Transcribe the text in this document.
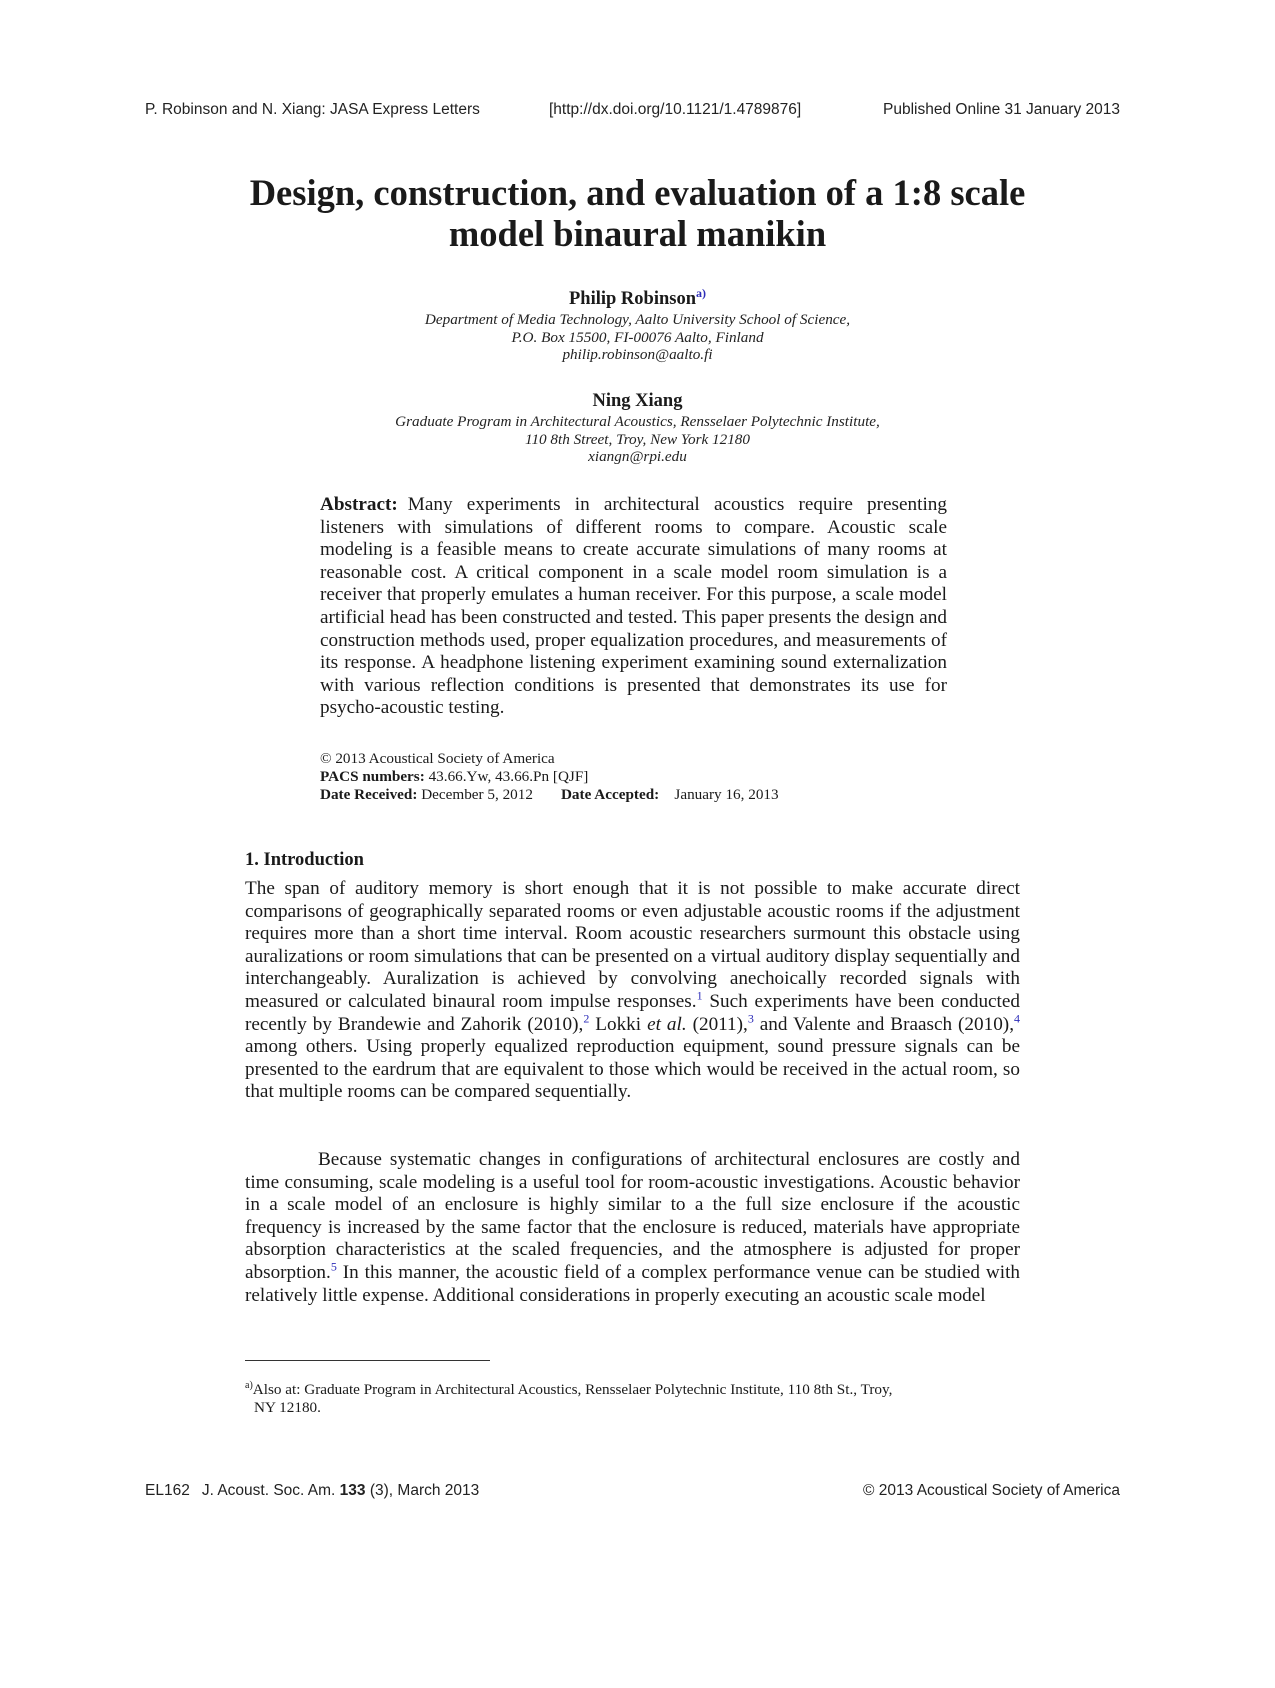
P. Robinson and N. Xiang: JASA Express Letters	[http://dx.doi.org/10.1121/1.4789876]	Published Online 31 January 2013
Design, construction, and evaluation of a 1:8 scale
model binaural manikin
Philip Robinson$^{a)}$
Department of Media Technology, Aalto University School of Science,
P.O. Box 15500, FI-00076 Aalto, Finland
philip.robinson@aalto.fi
Ning Xiang
Graduate Program in Architectural Acoustics, Rensselaer Polytechnic Institute,
110 8th Street, Troy, New York 12180
xiangn@rpi.edu
Abstract: Many experiments in architectural acoustics require presenting listeners with simulations of different rooms to compare. Acoustic scale modeling is a feasible means to create accurate simulations of many rooms at reasonable cost. A critical component in a scale model room simulation is a receiver that properly emulates a human receiver. For this purpose, a scale model artificial head has been constructed and tested. This paper presents the design and construction methods used, proper equalization procedures, and measurements of its response. A headphone listening experiment examining sound externalization with various reflection conditions is presented that demonstrates its use for psycho-acoustic testing.
© 2013 Acoustical Society of America
PACS numbers: 43.66.Yw, 43.66.Pn [QJF]
Date Received: December 5, 2012 Date Accepted: January 16, 2013
1. Introduction
The span of auditory memory is short enough that it is not possible to make accurate direct comparisons of geographically separated rooms or even adjustable acoustic rooms if the adjustment requires more than a short time interval. Room acoustic researchers surmount this obstacle using auralizations or room simulations that can be presented on a virtual auditory display sequentially and interchangeably. Auralization is achieved by convolving anechoically recorded signals with measured or calculated binaural room impulse responses.$^1$ Such experiments have been conducted recently by Brandewie and Zahorik (2010),$^2$ Lokki et al. (2011),$^3$ and Valente and Braasch (2010),$^4$ among others. Using properly equalized reproduction equipment, sound pressure signals can be presented to the eardrum that are equivalent to those which would be received in the actual room, so that multiple rooms can be compared sequentially.
Because systematic changes in configurations of architectural enclosures are costly and time consuming, scale modeling is a useful tool for room-acoustic investigations. Acoustic behavior in a scale model of an enclosure is highly similar to a the full size enclosure if the acoustic frequency is increased by the same factor that the enclosure is reduced, materials have appropriate absorption characteristics at the scaled frequencies, and the atmosphere is adjusted for proper absorption.$^5$ In this manner, the acoustic field of a complex performance venue can be studied with relatively little expense. Additional considerations in properly executing an acoustic scale model
$^{a)}$Also at: Graduate Program in Architectural Acoustics, Rensselaer Polytechnic Institute, 110 8th St., Troy,
NY 12180.
EL162 J. Acoust. Soc. Am. 133 (3), March 2013	© 2013 Acoustical Society of America
